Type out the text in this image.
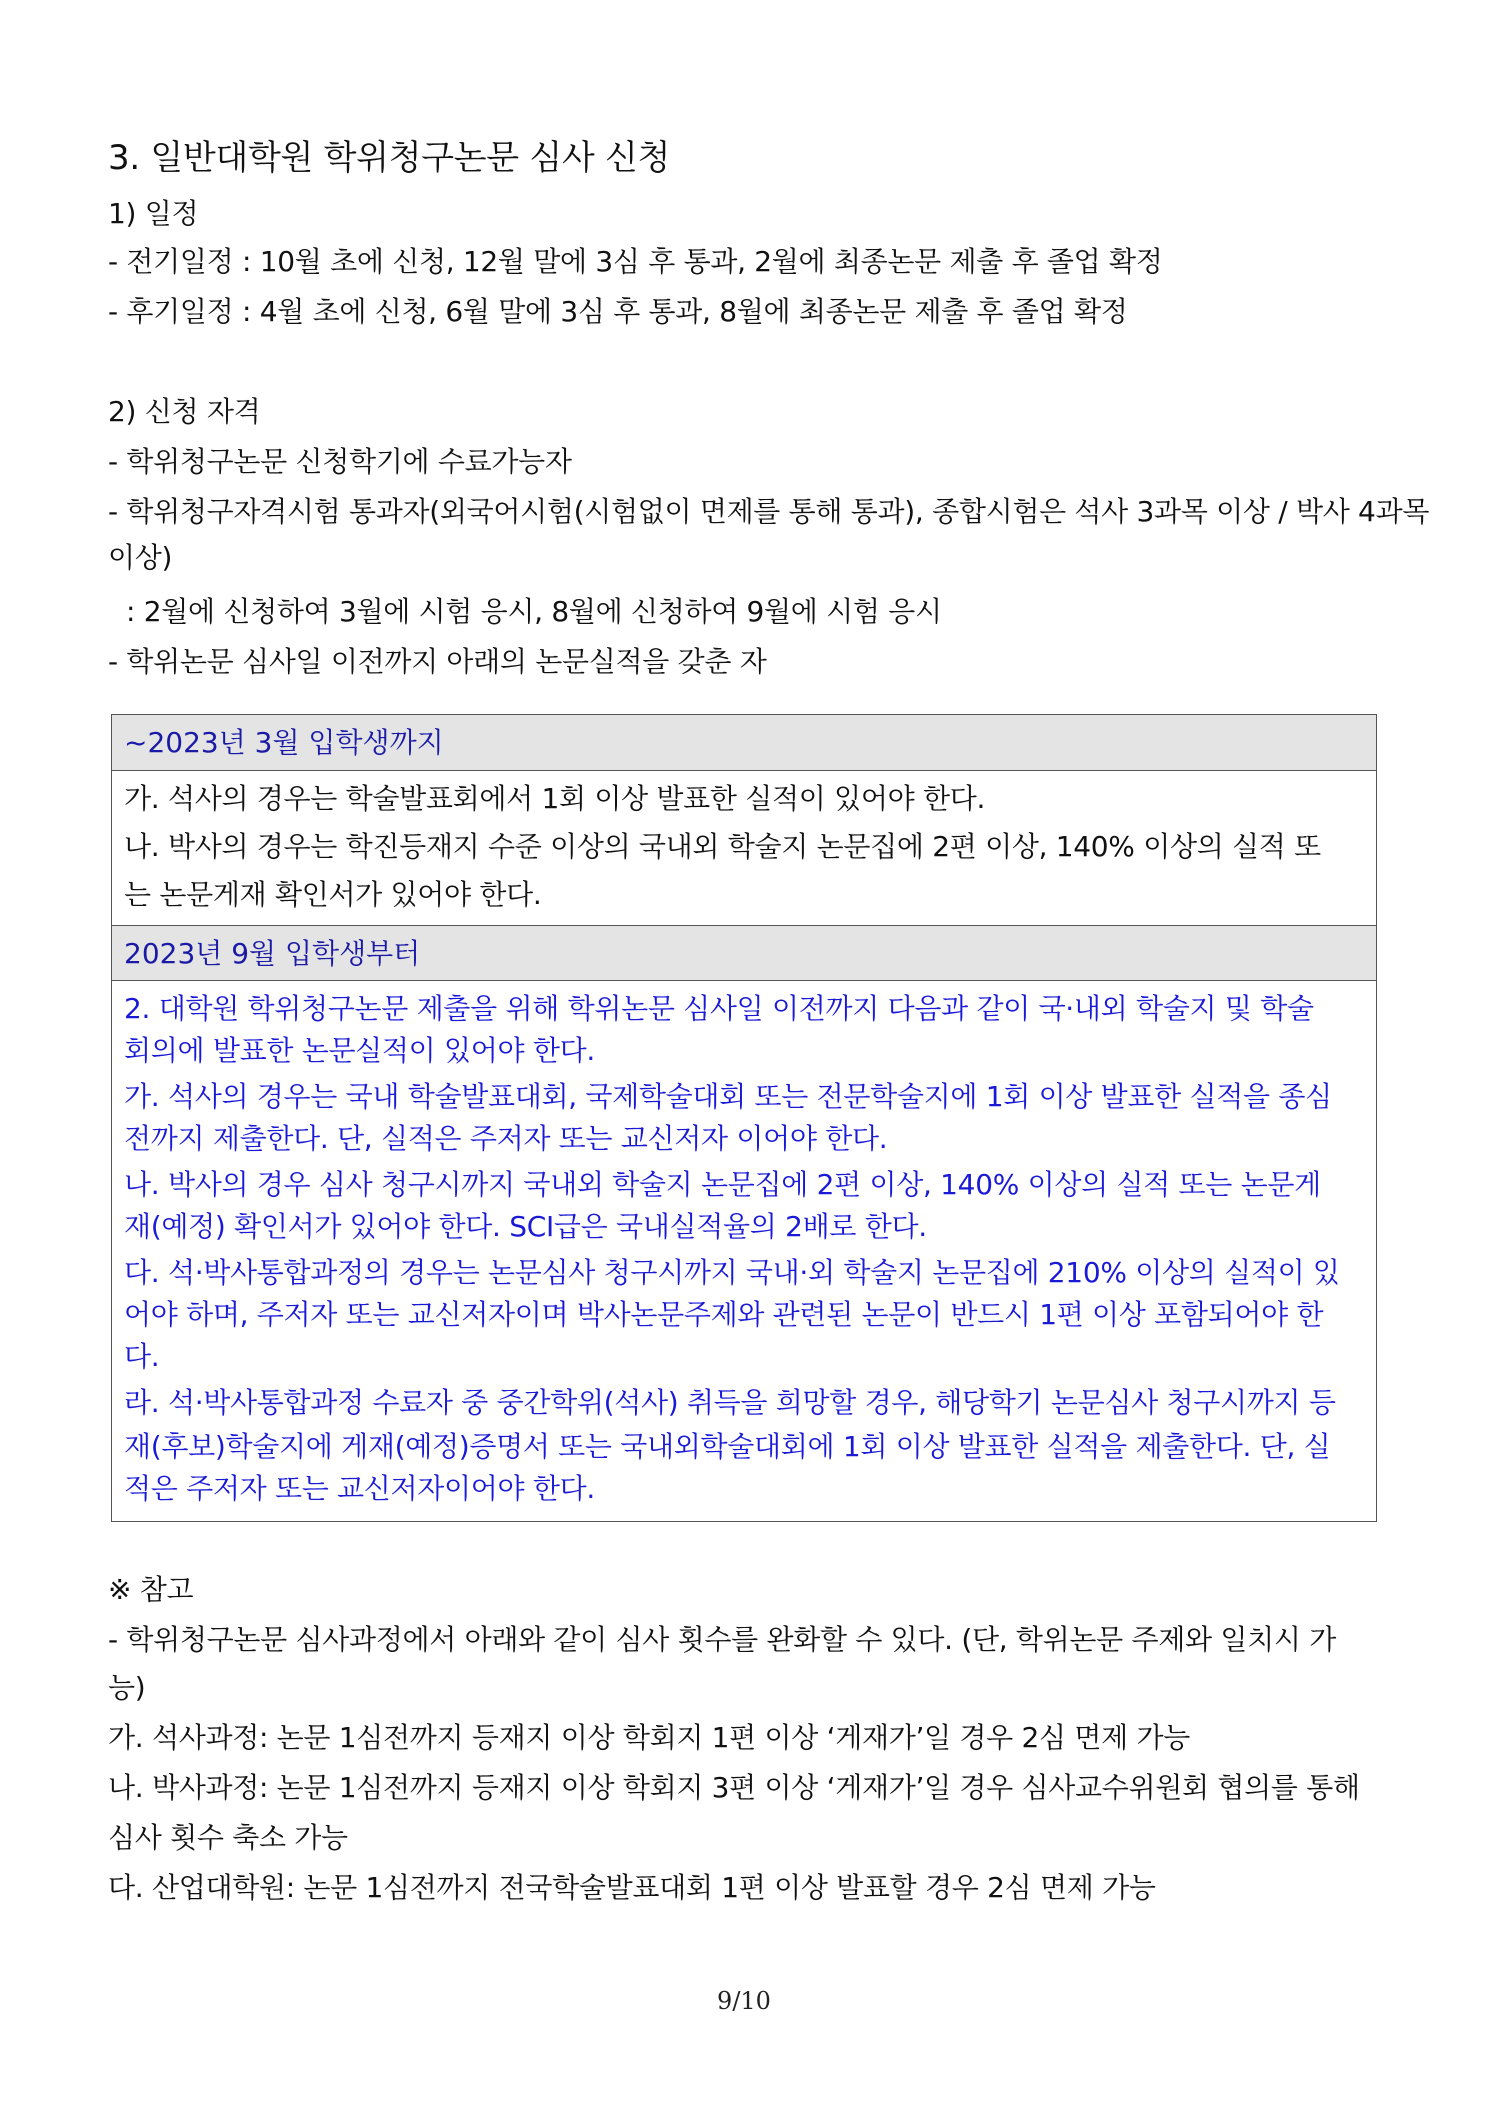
3. 일반대학원 학위청구논문 심사 신청
1) 일정
- 전기일정 : 10월 초에 신청, 12월 말에 3심 후 통과, 2월에 최종논문 제출 후 졸업 확정
- 후기일정 : 4월 초에 신청, 6월 말에 3심 후 통과, 8월에 최종논문 제출 후 졸업 확정
2) 신청 자격
- 학위청구논문 신청학기에 수료가능자
- 학위청구자격시험 통과자(외국어시험(시험없이 면제를 통해 통과), 종합시험은 석사 3과목 이상 / 박사 4과목
이상)
: 2월에 신청하여 3월에 시험 응시, 8월에 신청하여 9월에 시험 응시
- 학위논문 심사일 이전까지 아래의 논문실적을 갖춘 자
~2023년 3월 입학생까지
가. 석사의 경우는 학술발표회에서 1회 이상 발표한 실적이 있어야 한다.
나. 박사의 경우는 학진등재지 수준 이상의 국내외 학술지 논문집에 2편 이상, 140% 이상의 실적 또
는 논문게재 확인서가 있어야 한다.
2023년 9월 입학생부터
2. 대학원 학위청구논문 제출을 위해 학위논문 심사일 이전까지 다음과 같이 국·내외 학술지 및 학술
회의에 발표한 논문실적이 있어야 한다.
가. 석사의 경우는 국내 학술발표대회, 국제학술대회 또는 전문학술지에 1회 이상 발표한 실적을 종심
전까지 제출한다. 단, 실적은 주저자 또는 교신저자 이어야 한다.
나. 박사의 경우 심사 청구시까지 국내외 학술지 논문집에 2편 이상, 140% 이상의 실적 또는 논문게
재(예정) 확인서가 있어야 한다. SCI급은 국내실적율의 2배로 한다.
다. 석·박사통합과정의 경우는 논문심사 청구시까지 국내·외 학술지 논문집에 210% 이상의 실적이 있
어야 하며, 주저자 또는 교신저자이며 박사논문주제와 관련된 논문이 반드시 1편 이상 포함되어야 한
다.
라. 석·박사통합과정 수료자 중 중간학위(석사) 취득을 희망할 경우, 해당학기 논문심사 청구시까지 등
재(후보)학술지에 게재(예정)증명서 또는 국내외학술대회에 1회 이상 발표한 실적을 제출한다. 단, 실
적은 주저자 또는 교신저자이어야 한다.
※ 참고
- 학위청구논문 심사과정에서 아래와 같이 심사 횟수를 완화할 수 있다. (단, 학위논문 주제와 일치시 가
능)
가. 석사과정: 논문 1심전까지 등재지 이상 학회지 1편 이상 ‘게재가’일 경우 2심 면제 가능
나. 박사과정: 논문 1심전까지 등재지 이상 학회지 3편 이상 ‘게재가’일 경우 심사교수위원회 협의를 통해
심사 횟수 축소 가능
다. 산업대학원: 논문 1심전까지 전국학술발표대회 1편 이상 발표할 경우 2심 면제 가능
9/10
